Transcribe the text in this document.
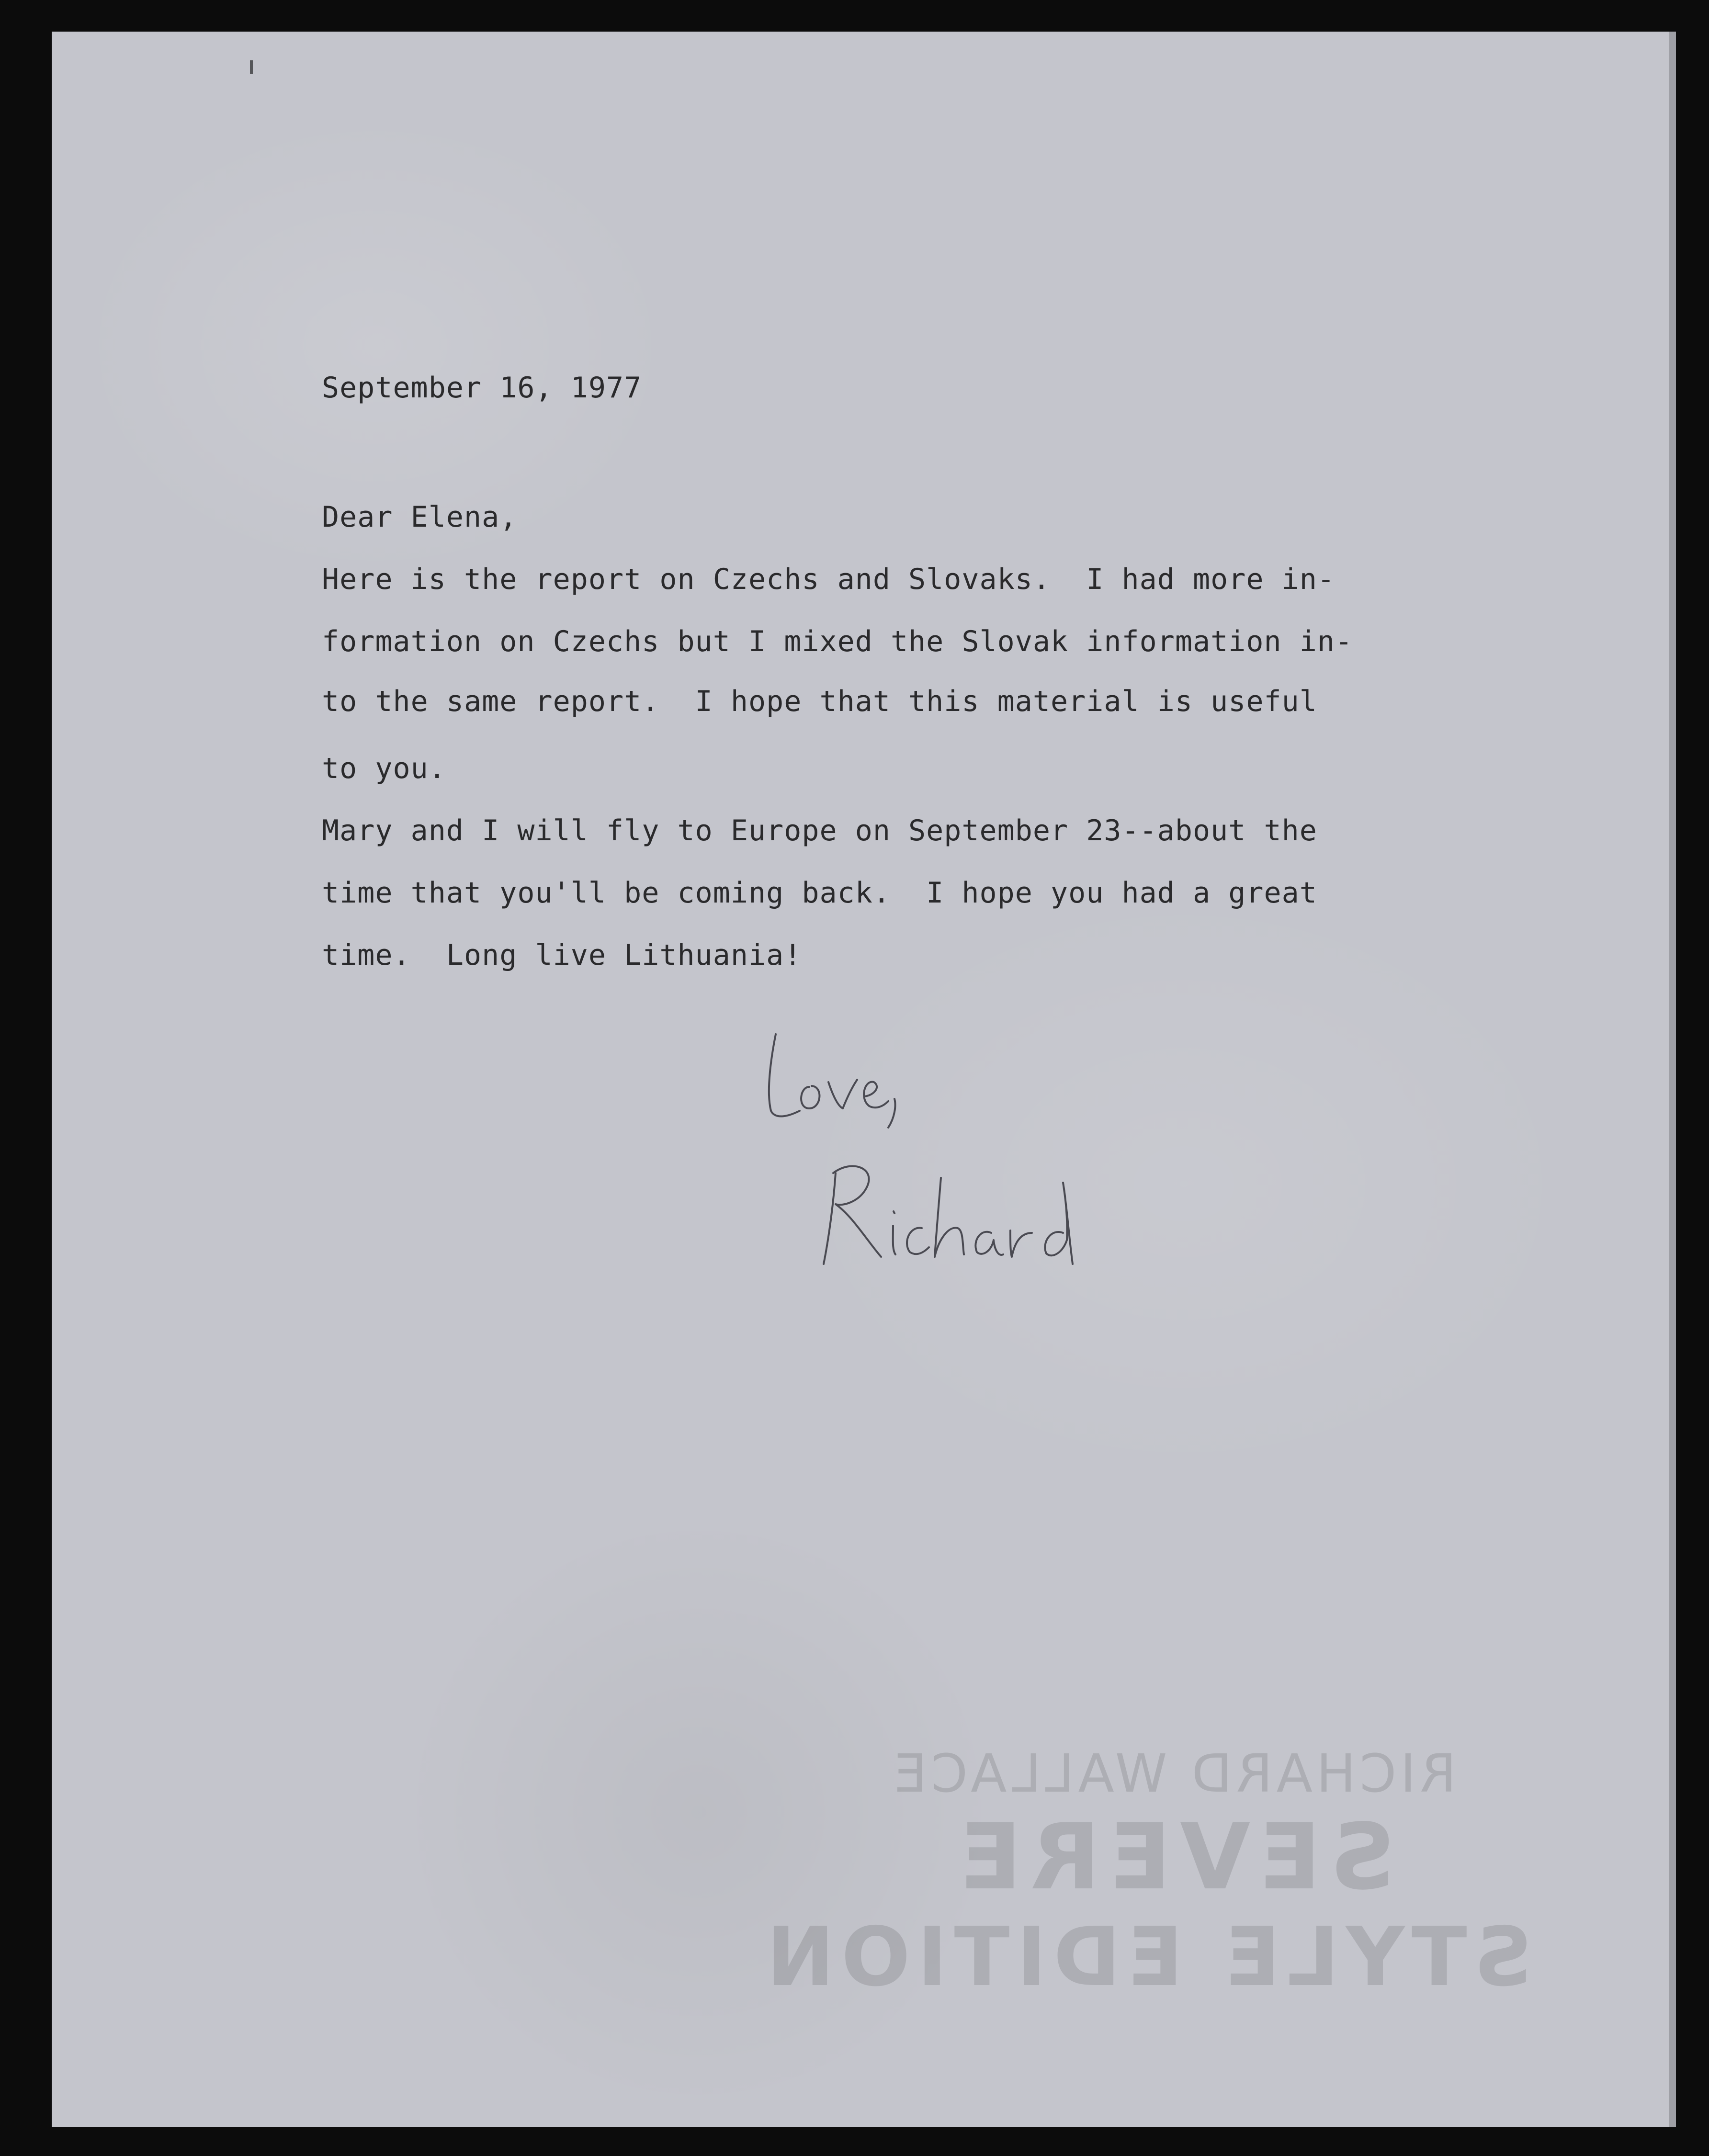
September 16, 1977

Dear Elena,

Here is the report on Czechs and Slovaks.  I had more in-

formation on Czechs but I mixed the Slovak information in-

to the same report.  I hope that this material is useful

to you.

Mary and I will fly to Europe on September 23--about the

time that you'll be coming back.  I hope you had a great

time.  Long live Lithuania!

RICHARD WALLACE
SEVERE
STYLE EDITION
